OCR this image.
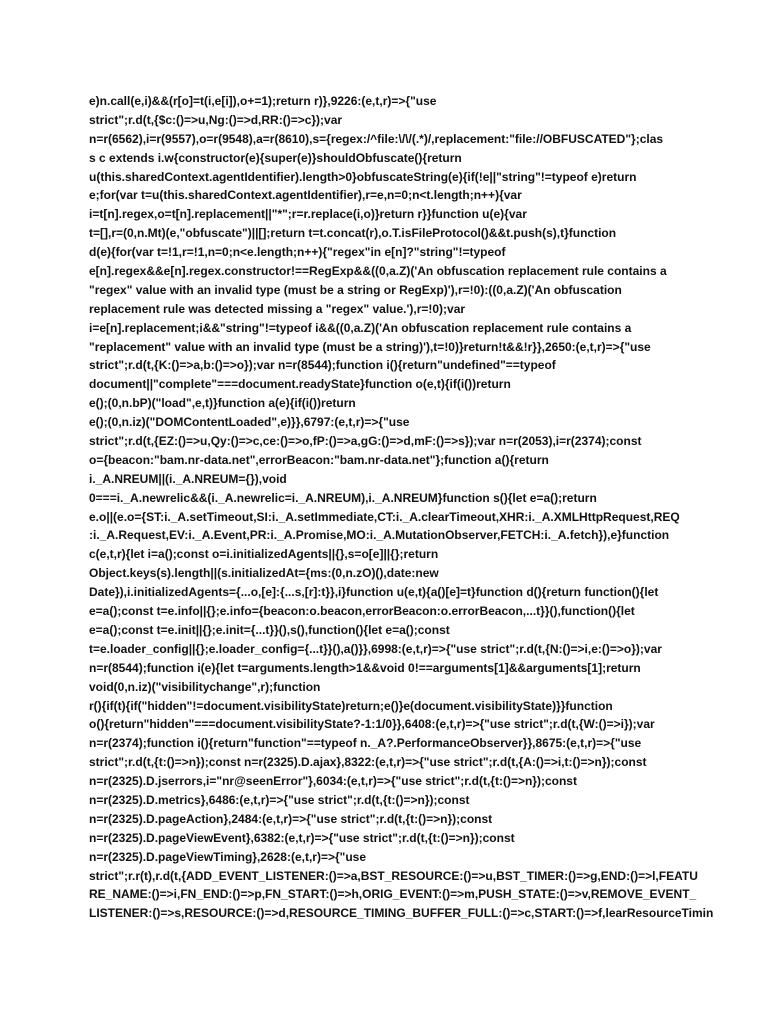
e)n.call(e,i)&&(r[o]=t(i,e[i]),o+=1);return r)},9226:(e,t,r)=>{"use
strict";r.d(t,{$c:()=>u,Ng:()=>d,RR:()=>c});var
n=r(6562),i=r(9557),o=r(9548),a=r(8610),s={regex:/^file:\/\/(.*)/,replacement:"file://OBFUSCATED"};clas
s c extends i.w{constructor(e){super(e)}shouldObfuscate(){return
u(this.sharedContext.agentIdentifier).length>0}obfuscateString(e){if(!e||"string"!=typeof e)return
e;for(var t=u(this.sharedContext.agentIdentifier),r=e,n=0;n<t.length;n++){var
i=t[n].regex,o=t[n].replacement||"*";r=r.replace(i,o)}return r}}function u(e){var
t=[],r=(0,n.Mt)(e,"obfuscate")||[];return t=t.concat(r),o.T.isFileProtocol()&&t.push(s),t}function
d(e){for(var t=!1,r=!1,n=0;n<e.length;n++){"regex"in e[n]?"string"!=typeof
e[n].regex&&e[n].regex.constructor!==RegExp&&((0,a.Z)('An obfuscation replacement rule contains a
"regex" value with an invalid type (must be a string or RegExp)'),r=!0):((0,a.Z)('An obfuscation
replacement rule was detected missing a "regex" value.'),r=!0);var
i=e[n].replacement;i&&"string"!=typeof i&&((0,a.Z)('An obfuscation replacement rule contains a
"replacement" value with an invalid type (must be a string)'),t=!0)}return!t&&!r}},2650:(e,t,r)=>{"use
strict";r.d(t,{K:()=>a,b:()=>o});var n=r(8544);function i(){return"undefined"==typeof
document||"complete"===document.readyState}function o(e,t){if(i())return
e();(0,n.bP)("load",e,t)}function a(e){if(i())return
e();(0,n.iz)("DOMContentLoaded",e)}},6797:(e,t,r)=>{"use
strict";r.d(t,{EZ:()=>u,Qy:()=>c,ce:()=>o,fP:()=>a,gG:()=>d,mF:()=>s});var n=r(2053),i=r(2374);const
o={beacon:"bam.nr-data.net",errorBeacon:"bam.nr-data.net"};function a(){return
i._A.NREUM||(i._A.NREUM={}),void
0===i._A.newrelic&&(i._A.newrelic=i._A.NREUM),i._A.NREUM}function s(){let e=a();return
e.o||(e.o={ST:i._A.setTimeout,SI:i._A.setImmediate,CT:i._A.clearTimeout,XHR:i._A.XMLHttpRequest,REQ
:i._A.Request,EV:i._A.Event,PR:i._A.Promise,MO:i._A.MutationObserver,FETCH:i._A.fetch}),e}function
c(e,t,r){let i=a();const o=i.initializedAgents||{},s=o[e]||{};return
Object.keys(s).length||(s.initializedAt={ms:(0,n.zO)(),date:new
Date}),i.initializedAgents={...o,[e]:{...s,[r]:t}},i}function u(e,t){a()[e]=t}function d(){return function(){let
e=a();const t=e.info||{};e.info={beacon:o.beacon,errorBeacon:o.errorBeacon,...t}}(),function(){let
e=a();const t=e.init||{};e.init={...t}}(),s(),function(){let e=a();const
t=e.loader_config||{};e.loader_config={...t}}(),a()}},6998:(e,t,r)=>{"use strict";r.d(t,{N:()=>i,e:()=>o});var
n=r(8544);function i(e){let t=arguments.length>1&&void 0!==arguments[1]&&arguments[1];return
void(0,n.iz)("visibilitychange",r);function
r(){if(t){if("hidden"!=document.visibilityState)return;e()}e(document.visibilityState)}}function
o(){return"hidden"===document.visibilityState?-1:1/0}},6408:(e,t,r)=>{"use strict";r.d(t,{W:()=>i});var
n=r(2374);function i(){return"function"==typeof n._A?.PerformanceObserver}},8675:(e,t,r)=>{"use
strict";r.d(t,{t:()=>n});const n=r(2325).D.ajax},8322:(e,t,r)=>{"use strict";r.d(t,{A:()=>i,t:()=>n});const
n=r(2325).D.jserrors,i="nr@seenError"},6034:(e,t,r)=>{"use strict";r.d(t,{t:()=>n});const
n=r(2325).D.metrics},6486:(e,t,r)=>{"use strict";r.d(t,{t:()=>n});const
n=r(2325).D.pageAction},2484:(e,t,r)=>{"use strict";r.d(t,{t:()=>n});const
n=r(2325).D.pageViewEvent},6382:(e,t,r)=>{"use strict";r.d(t,{t:()=>n});const
n=r(2325).D.pageViewTiming},2628:(e,t,r)=>{"use
strict";r.r(t),r.d(t,{ADD_EVENT_LISTENER:()=>a,BST_RESOURCE:()=>u,BST_TIMER:()=>g,END:()=>l,FEATU
RE_NAME:()=>i,FN_END:()=>p,FN_START:()=>h,ORIG_EVENT:()=>m,PUSH_STATE:()=>v,REMOVE_EVENT_
LISTENER:()=>s,RESOURCE:()=>d,RESOURCE_TIMING_BUFFER_FULL:()=>c,START:()=>f,learResourceTimin
